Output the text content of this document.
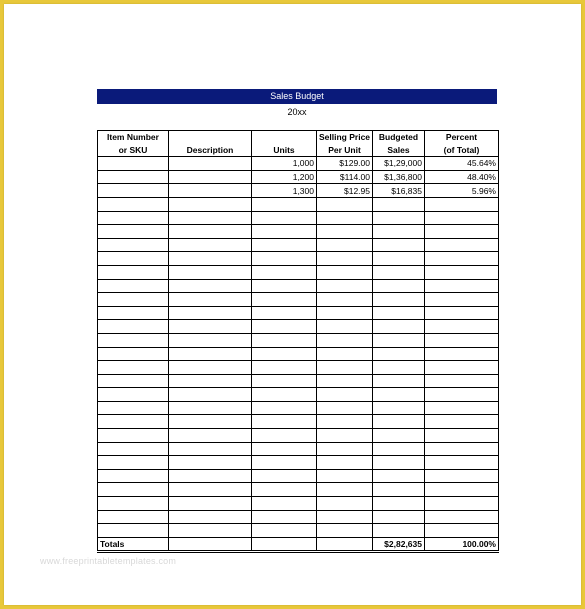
Sales Budget
20xx
Item Number			Selling Price	Budgeted	Percent
or SKU	Description	Units	Per Unit	Sales	(of Total)
		1,000	$129.00	$1,29,000	45.64%
		1,200	$114.00	$1,36,800	48.40%
		1,300	$12.95	$16,835	5.96%

Totals				$2,82,635	100.00%
www.freeprintabletemplates.com
